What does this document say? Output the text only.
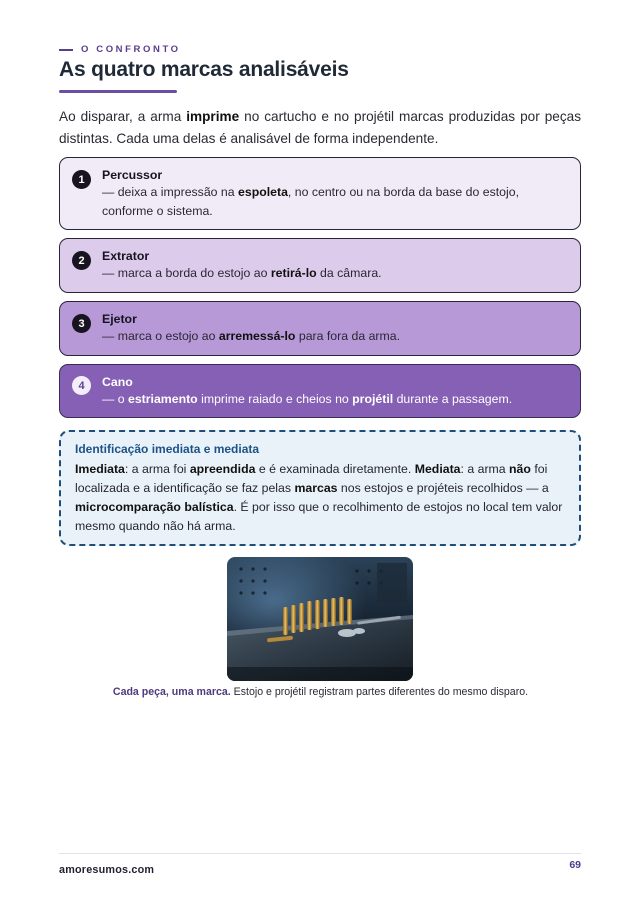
O CONFRONTO
As quatro marcas analisáveis

Ao disparar, a arma imprime no cartucho e no projétil marcas produzidas por peças distintas. Cada uma delas é analisável de forma independente.

1	Percussor
— deixa a impressão na espoleta, no centro ou na borda da base do estojo, conforme o sistema.
2	Extrator
— marca a borda do estojo ao retirá-lo da câmara.
3	Ejetor
— marca o estojo ao arremessá-lo para fora da arma.
4	Cano
— o estriamento imprime raiado e cheios no projétil durante a passagem.
Identificação imediata e mediata
Imediata: a arma foi apreendida e é examinada diretamente. Mediata: a arma não foi localizada e a identificação se faz pelas marcas nos estojos e projéteis recolhidos — a microcomparação balística. É por isso que o recolhimento de estojos no local tem valor mesmo quando não há arma.

Cada peça, uma marca. Estojo e projétil registram partes diferentes do mesmo disparo.

amoresumos.com	69
